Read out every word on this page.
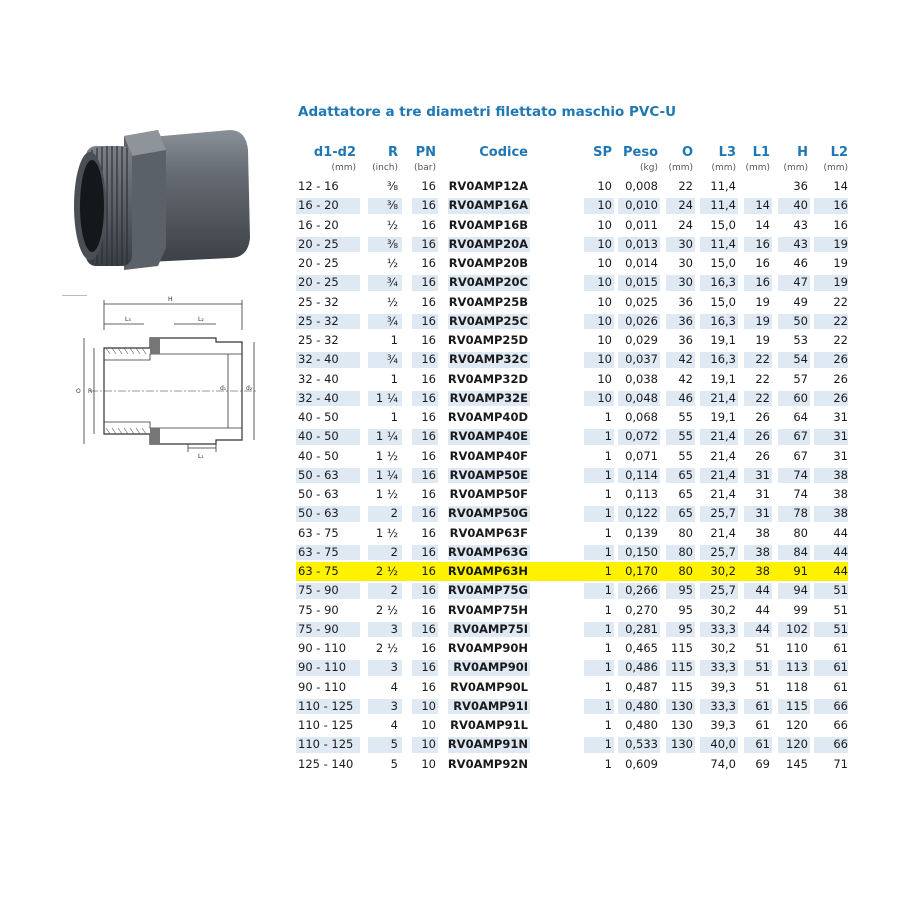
Adattatore a tre diametri filettato maschio PVC-U
H
L₃	L₂
O R	d₁	d₂
L₁
d1-d2
(mm)
R
(inch)
PN
(bar)
Codice	SP Peso
(kg)
O
(mm)
L3
(mm)
L1
(mm)
H
(mm)
L2
(mm)
12 - 16	⅜ 16 RV0AMP12A	10 0,008 22 11,4	36 14
16 - 20	⅜ 16 RV0AMP16A	10 0,010 24 11,4 14 40 16
16 - 20	½ 16 RV0AMP16B	10 0,011 24 15,0 14 43 16
20 - 25	⅜ 16 RV0AMP20A	10 0,013 30 11,4 16 43 19
20 - 25	½ 16 RV0AMP20B	10 0,014 30 15,0 16 46 19
20 - 25	¾ 16 RV0AMP20C	10 0,015 30 16,3 16 47 19
25 - 32	½ 16 RV0AMP25B	10 0,025 36 15,0 19 49 22
25 - 32	¾ 16 RV0AMP25C	10 0,026 36 16,3 19 50 22
25 - 32	1 16 RV0AMP25D	10 0,029 36 19,1 19 53 22
32 - 40	¾ 16 RV0AMP32C	10 0,037 42 16,3 22 54 26
32 - 40	1 16 RV0AMP32D	10 0,038 42 19,1 22 57 26
32 - 40	1 ¼ 16 RV0AMP32E	10 0,048 46 21,4 22 60 26
40 - 50	1 16 RV0AMP40D	1 0,068 55 19,1 26 64 31
40 - 50	1 ¼ 16 RV0AMP40E	1 0,072 55 21,4 26 67 31
40 - 50	1 ½ 16 RV0AMP40F	1 0,071 55 21,4 26 67 31
50 - 63	1 ¼ 16 RV0AMP50E	1 0,114 65 21,4 31 74 38
50 - 63	1 ½ 16 RV0AMP50F	1 0,113 65 21,4 31 74 38
50 - 63	2 16 RV0AMP50G	1 0,122 65 25,7 31 78 38
63 - 75	1 ½ 16 RV0AMP63F	1 0,139 80 21,4 38 80 44
63 - 75	2 16 RV0AMP63G	1 0,150 80 25,7 38 84 44
63 - 75	2 ½ 16 RV0AMP63H	1 0,170 80 30,2 38 91 44
75 - 90	2 16 RV0AMP75G	1 0,266 95 25,7 44 94 51
75 - 90	2 ½ 16 RV0AMP75H	1 0,270 95 30,2 44 99 51
75 - 90	3 16 RV0AMP75I	1 0,281 95 33,3 44 102 51
90 - 110	2 ½ 16 RV0AMP90H	1 0,465 115 30,2 51 110 61
90 - 110	3 16 RV0AMP90I	1 0,486 115 33,3 51 113 61
90 - 110	4 16 RV0AMP90L	1 0,487 115 39,3 51 118 61
110 - 125	3 10 RV0AMP91I	1 0,480 130 33,3 61 115 66
110 - 125	4 10 RV0AMP91L	1 0,480 130 39,3 61 120 66
110 - 125	5 10 RV0AMP91N	1 0,533 130 40,0 61 120 66
125 - 140	5 10 RV0AMP92N	1 0,609	74,0 69 145 71
